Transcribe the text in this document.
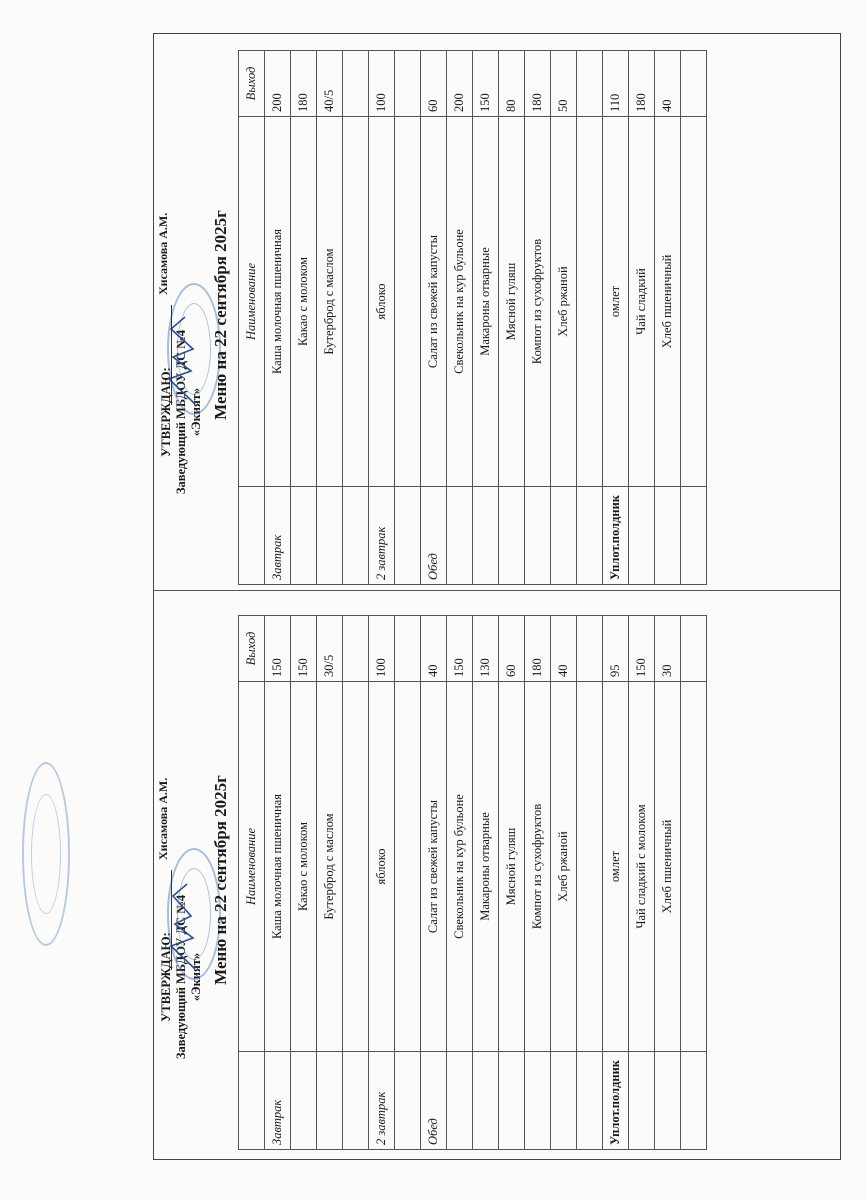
УТВЕРЖДАЮ: Заведующий МБДОУ ДС №4 «Экият»
Хисамова А.М. Меню на 22 сентября 2025г
	Наименование	Выход
Завтрак	Каша молочная пшеничная	200
	Какао с молоком	180
	Бутерброд с маслом	40/5

2 завтрак	яблоко	100

Обед	Салат из свежей капусты	60
	Свекольник на кур бульоне	200
	Макароны отварные	150
	Мясной гуляш	80
	Компот из сухофруктов	180
	Хлеб ржаной	50

Уплот.полдник	омлет	110
	Чай сладкий	180
	Хлеб пшеничный	40

УТВЕРЖДАЮ: Заведующий МБДОУ ДС №4 «Экият»
Хисамова А.М. Меню на 22 сентября 2025г
	Наименование	Выход
Завтрак	Каша молочная пшеничная	150
	Какао с молоком	150
	Бутерброд с маслом	30/5

2 завтрак	яблоко	100

Обед	Салат из свежей капусты	40
	Свекольник на кур бульоне	150
	Макароны отварные	130
	Мясной гуляш	60
	Компот из сухофруктов	180
	Хлеб ржаной	40

Уплот.полдник	омлет	95
	Чай сладкий с молоком	150
	Хлеб пшеничный	30
